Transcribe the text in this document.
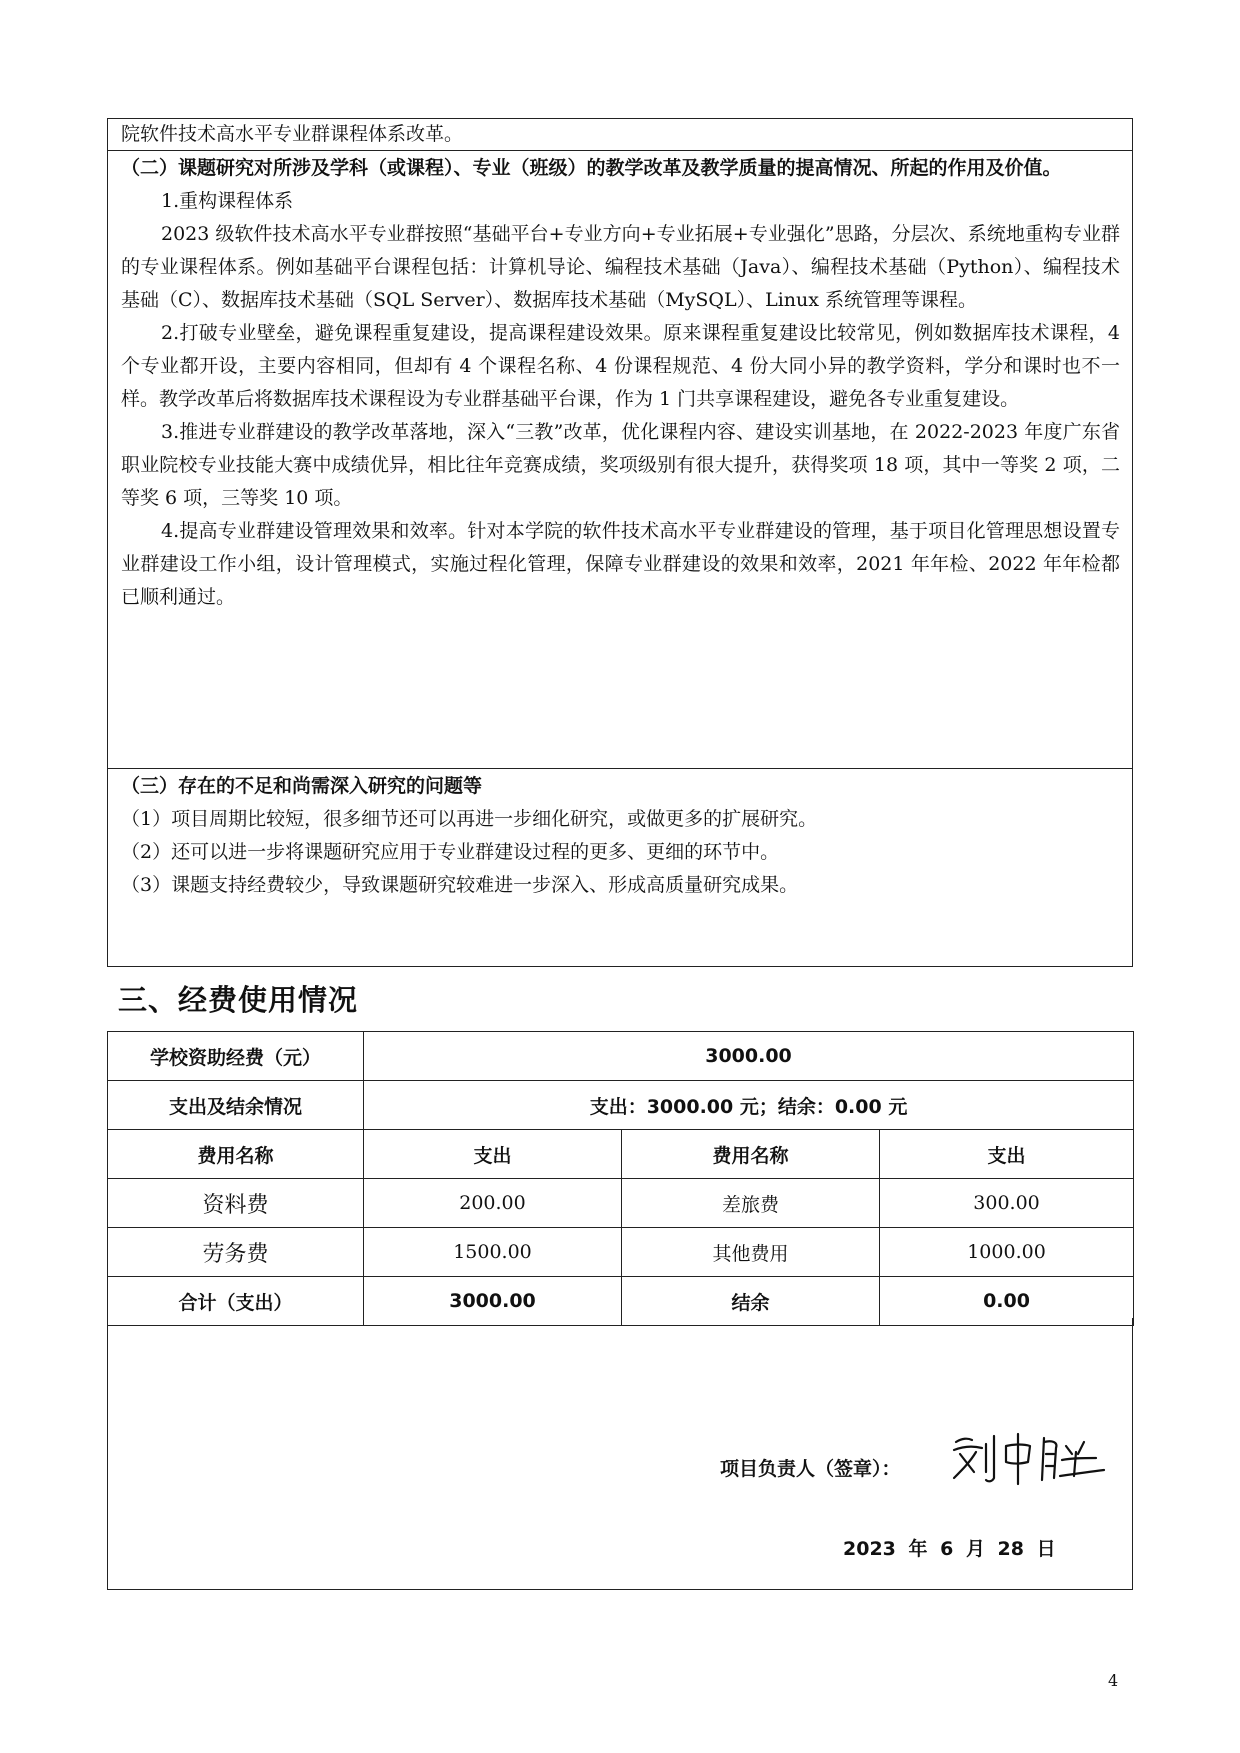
院软件技术高水平专业群课程体系改革。
（二）课题研究对所涉及学科（或课程）、专业（班级）的教学改革及教学质量的提高情况、所起的作用及价值。
1.重构课程体系
2023 级软件技术高水平专业群按照“基础平台+专业方向+专业拓展+专业强化”思路，分层次、系统地重构专业群的专业课程体系。例如基础平台课程包括：计算机导论、编程技术基础（Java）、编程技术基础（Python）、编程技术基础（C）、数据库技术基础（SQL Server）、数据库技术基础（MySQL）、Linux 系统管理等课程。
2.打破专业壁垒，避免课程重复建设，提高课程建设效果。原来课程重复建设比较常见，例如数据库技术课程，4 个专业都开设，主要内容相同，但却有 4 个课程名称、4 份课程规范、4 份大同小异的教学资料，学分和课时也不一样。教学改革后将数据库技术课程设为专业群基础平台课，作为 1 门共享课程建设，避免各专业重复建设。
3.推进专业群建设的教学改革落地，深入“三教”改革，优化课程内容、建设实训基地，在 2022-2023 年度广东省职业院校专业技能大赛中成绩优异，相比往年竞赛成绩，奖项级别有很大提升，获得奖项 18 项，其中一等奖 2 项，二等奖 6 项，三等奖 10 项。
4.提高专业群建设管理效果和效率。针对本学院的软件技术高水平专业群建设的管理，基于项目化管理思想设置专业群建设工作小组，设计管理模式，实施过程化管理，保障专业群建设的效果和效率，2021 年年检、2022 年年检都已顺利通过。
（三）存在的不足和尚需深入研究的问题等
（1）项目周期比较短，很多细节还可以再进一步细化研究，或做更多的扩展研究。
（2）还可以进一步将课题研究应用于专业群建设过程的更多、更细的环节中。
（3）课题支持经费较少，导致课题研究较难进一步深入、形成高质量研究成果。
三、经费使用情况
学校资助经费（元）	3000.00		
支出及结余情况	支出：3000.00 元；结余：0.00 元		
费用名称	支出	费用名称	支出
资料费	200.00	差旅费	300.00
劳务费	1500.00	其他费用	1000.00
合计（支出）	3000.00	结余	0.00
项目负责人（签章）：
2023 年 6 月 28 日
4
